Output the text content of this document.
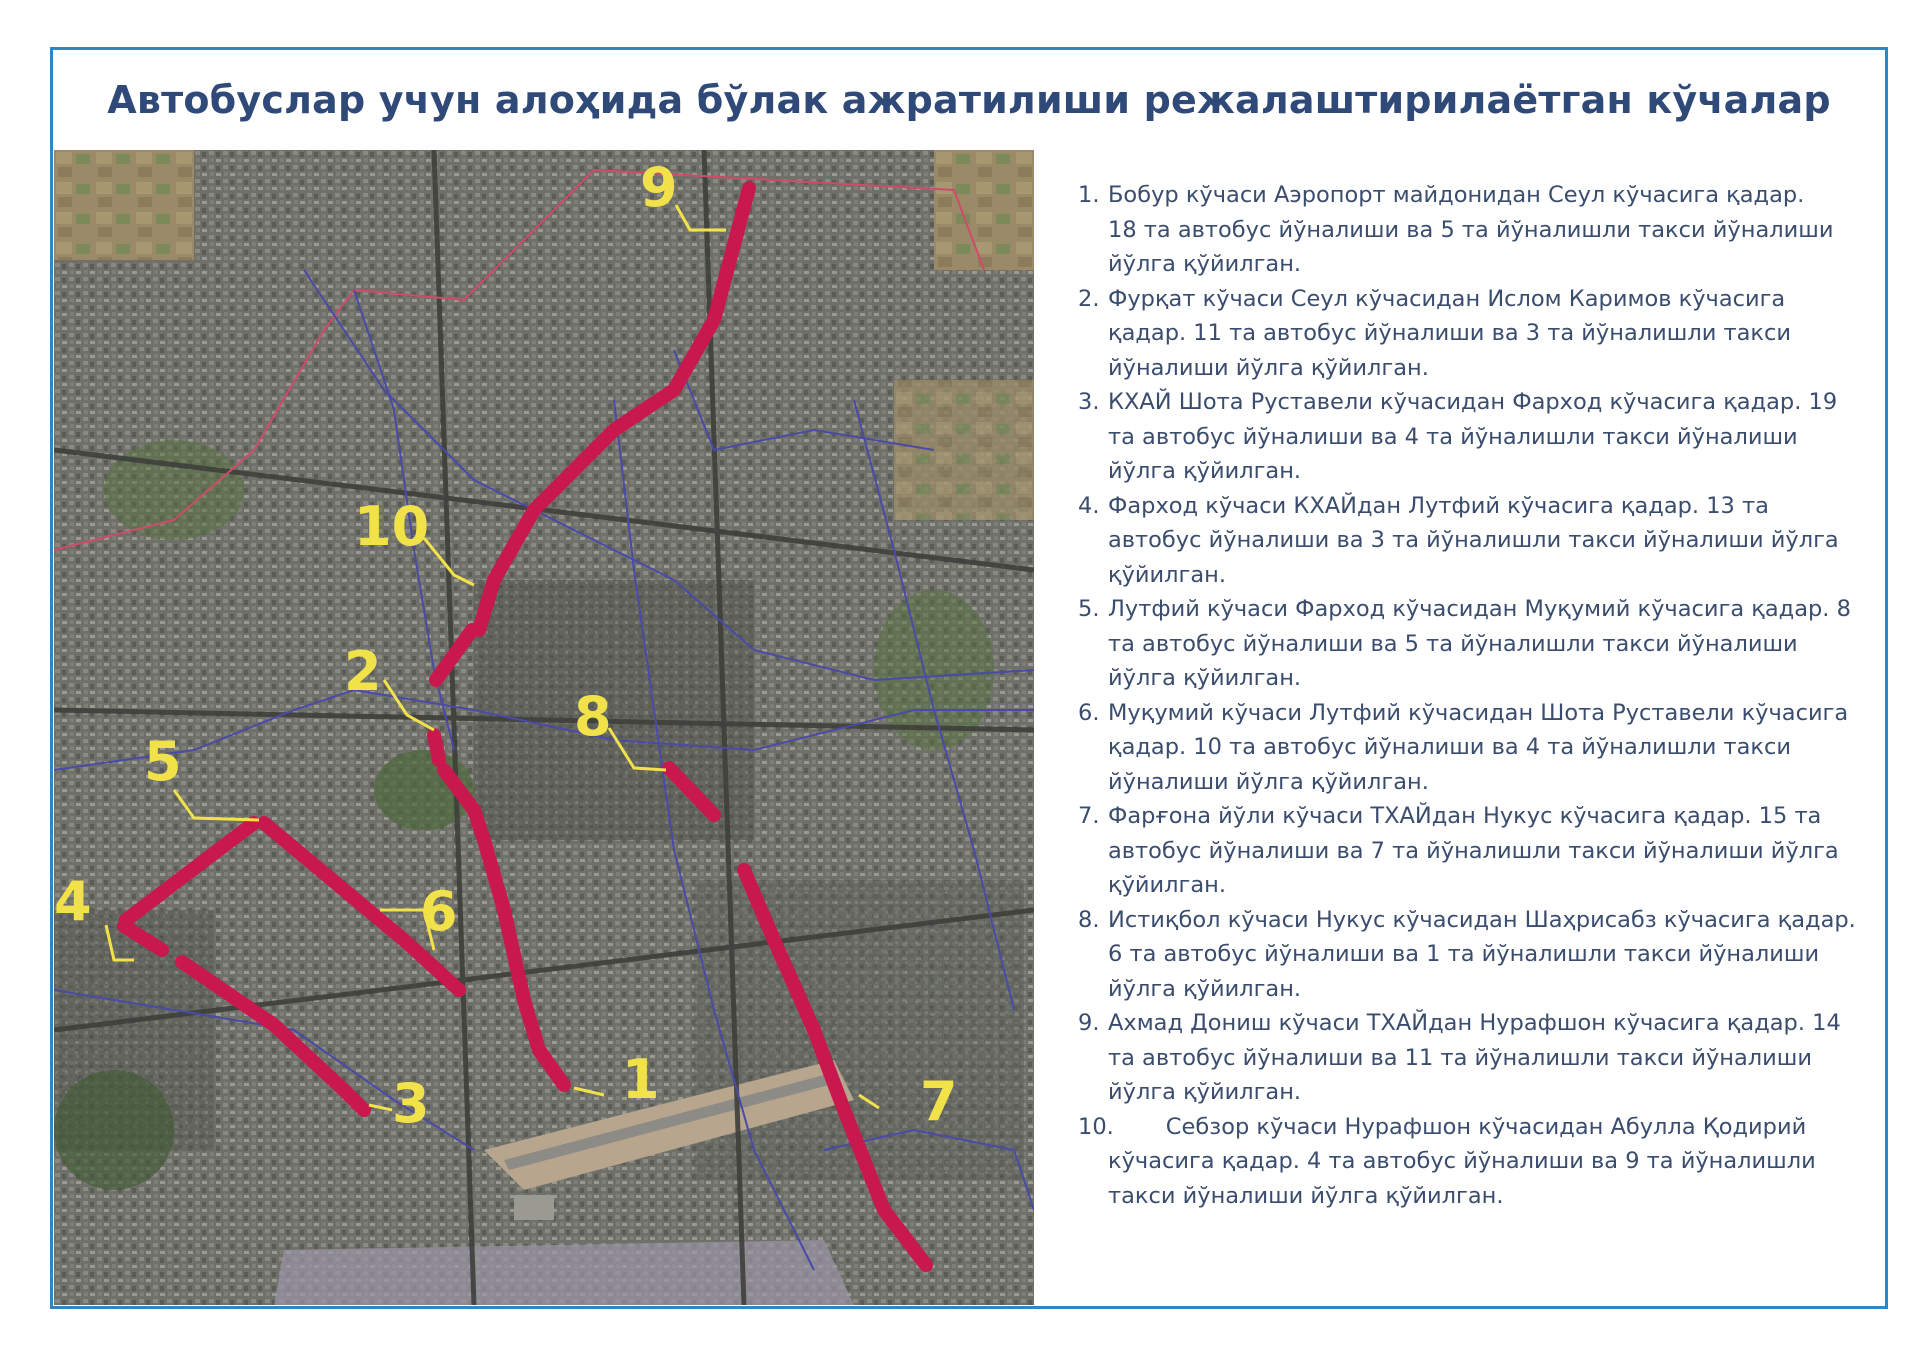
Автобуслар учун алоҳида бўлак ажратилиши режалаштирилаётган кўчалар
9
10
2
8
5
6
4
3	1	7
1. Бобур кўчаси Аэропорт майдонидан Сеул кўчасига қадар.
18 та автобус йўналиши ва 5 та йўналишли такси йўналиши йўлга қўйилган.
2. Фурқат кўчаси Сеул кўчасидан Ислом Каримов кўчасига қадар. 11 та автобус йўналиши ва 3 та йўналишли такси йўналиши йўлга қўйилган.
3. КХАЙ Шота Руставели кўчасидан Фарход кўчасига қадар. 19 та автобус йўналиши ва 4 та йўналишли такси йўналиши йўлга қўйилган.
4. Фарход кўчаси КХАЙдан Лутфий кўчасига қадар. 13 та автобус йўналиши ва 3 та йўналишли такси йўналиши йўлга қўйилган.
5. Лутфий кўчаси Фарход кўчасидан Муқумий кўчасига қадар. 8 та автобус йўналиши ва 5 та йўналишли такси йўналиши йўлга қўйилган.
6. Муқумий кўчаси Лутфий кўчасидан Шота Руставели кўчасига қадар. 10 та автобус йўналиши ва 4 та йўналишли такси йўналиши йўлга қўйилган.
7. Фарғона йўли кўчаси ТХАЙдан Нукус кўчасига қадар. 15 та автобус йўналиши ва 7 та йўналишли такси йўналиши йўлга қўйилган.
8. Истиқбол кўчаси Нукус кўчасидан Шаҳрисабз кўчасига қадар. 6 та автобус йўналиши ва 1 та йўналишли такси йўналиши йўлга қўйилган.
9. Ахмад Дониш кўчаси ТХАЙдан Нурафшон кўчасига қадар. 14 та автобус йўналиши ва 11 та йўналишли такси йўналиши йўлга қўйилган.
10. Себзор кўчаси Нурафшон кўчасидан Абулла Қодирий кўчасига қадар. 4 та автобус йўналиши ва 9 та йўналишли такси йўналиши йўлга қўйилган.
